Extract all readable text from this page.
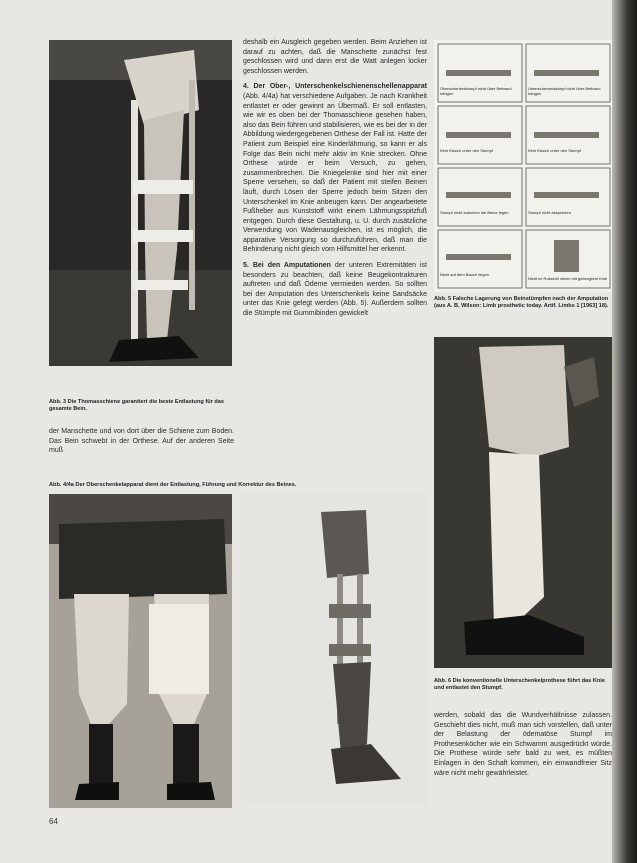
Abb. 3 Die Thomasschiene garantiert die beste Entlastung für das gesamte Bein.

der Manschette und von dort über die Schiene zum Boden. Das Bein schwebt in der Orthese. Auf der anderen Seite muß

deshalb ein Ausgleich gegeben werden. Beim Anziehen ist darauf zu achten, daß die Manschette zunächst fest geschlossen wird und dann erst die Watt anlegen locker geschlossen werden.

4. Der Ober-, Unterschenkelschienenschellenapparat (Abb. 4/4a) hat verschiedene Aufgaben. Je nach Krankheit entlastet er oder gewinnt an Übermaß. Er soll entlasten, wie wir es oben bei der Thomasschiene gesehen haben, also das Bein führen und stabilisieren, wie es bei der in der Abbildung wiedergegebenen Orthese der Fall ist. Hatte der Patient zum Beispiel eine Kinderlähmung, so kann er als Folge das Bein nicht mehr aktiv im Knie strecken. Ohne Orthese würde er beim Versuch, zu gehen, zusammenbrechen. Die Kniegelenke sind hier mit einer Sperre versehen, so daß der Patient mit steifen Beinen läuft, durch Lösen der Sperre jedoch beim Sitzen den Unterschenkel im Knie anbeugen kann. Der angearbeitete Fußheber aus Kunststoff wirkt einem Lähmungsspitzfuß entgegen. Durch diese Gestaltung, u. U. durch zusätzliche Verwendung von Wadenausgleichen, ist es möglich, die apparative Versorgung so durchzuführen, daß man die Behinderung nicht gleich vom Hilfsmittel her erkennt.

5. Bei den Amputationen der unteren Extremitäten ist besonders zu beachten, daß keine Beugekontrakturen auftreten und daß Ödeme vermieden werden. So sollten bei der Amputation des Unterschenkels keine Sandsäcke unter das Knie gelegt werden (Abb. 5). Außerdem sollten die Stümpfe mit Gummibinden gewickelt

Oberschenkelstumpf nicht über Bettrand hängen
Unterschenkelstumpf nicht über Bettrand hängen
Kein Kissen unter den Stumpf	Kein Kissen unter den Stumpf
Stumpf nicht zwischen die Beine legen	Stumpf nicht abspreizen
Nicht auf dem Bauch liegen
Nicht im Rollstuhl sitzen mit gebeugtem Knie
Abb. 5 Falsche Lagerung von Beinstümpfen nach der Amputation (aus A. B. Wilson: Limb prosthetic today. Artif. Limbs 1 [1963] 18).
Abb. 6 Die konventionelle Unterschenkelprothese führt das Knie und entlastet den Stumpf.

werden, sobald das die Wundverhältnisse zulassen. Geschieht dies nicht, muß man sich vorstellen, daß unter der Belastung der ödematöse Stumpf im Prothesenköcher wie ein Schwamm ausgedrückt würde. Die Prothese würde sehr bald zu weit, es müßten Einlagen in den Schaft kommen, ein einwandfreier Sitz wäre nicht mehr gewährleistet.

Abb. 4/4a Der Oberschenkelapparat dient der Entlastung, Führung und Korrektur des Beines.
64
